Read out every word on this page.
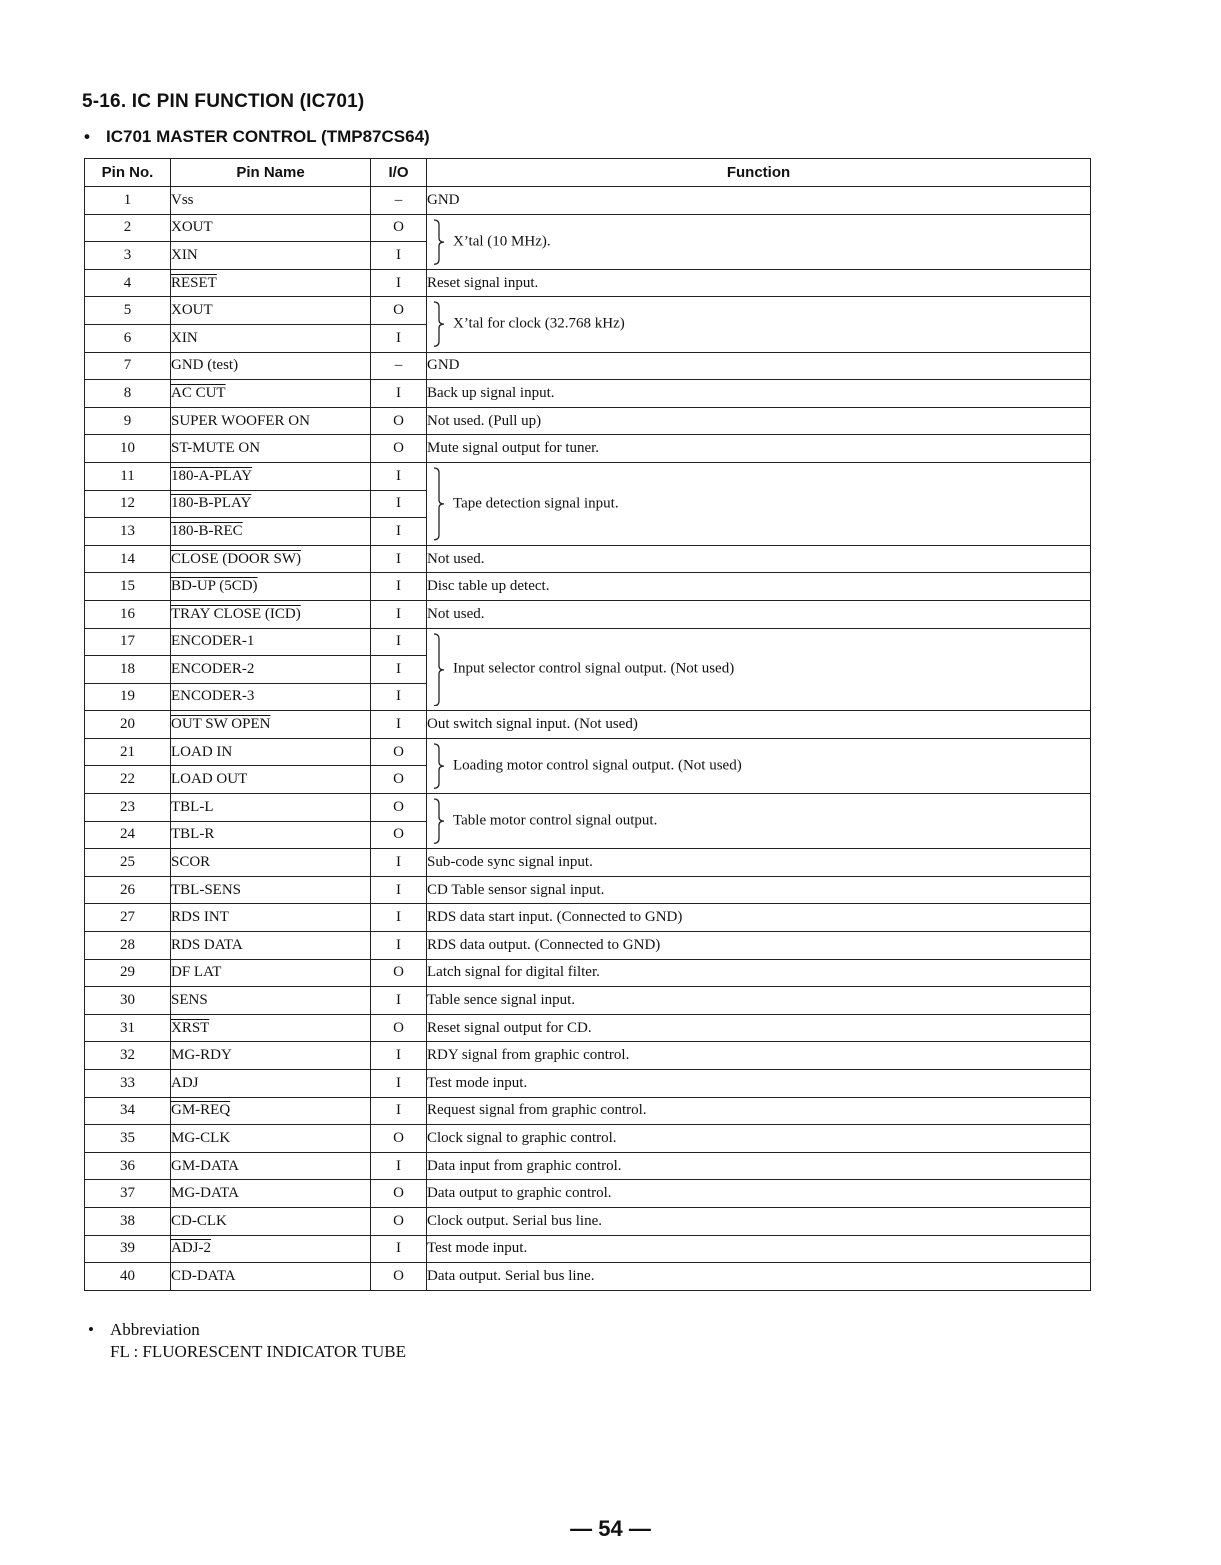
5-16. IC PIN FUNCTION (IC701)
• IC701 MASTER CONTROL (TMP87CS64)
Pin No.	Pin Name	I/O	Function
1	Vss	–	GND
2	XOUT	O	X’tal (10 MHz).

3	XIN	I	
4	RESET	I	Reset signal input.
5	XOUT	O	X’tal for clock (32.768 kHz)

6	XIN	I	
7	GND (test)	–	GND
8	AC CUT	I	Back up signal input.
9	SUPER WOOFER ON	O	Not used. (Pull up)
10	ST-MUTE ON	O	Mute signal output for tuner.
11	180-A-PLAY	I	Tape detection signal input.

12	180-B-PLAY	I	
13	180-B-REC	I	
14	CLOSE (DOOR SW)	I	Not used.
15	BD-UP (5CD)	I	Disc table up detect.
16	TRAY CLOSE (ICD)	I	Not used.
17	ENCODER-1	I	Input selector control signal output. (Not used)

18	ENCODER-2	I	
19	ENCODER-3	I	
20	OUT SW OPEN	I	Out switch signal input. (Not used)
21	LOAD IN	O	Loading motor control signal output. (Not used)

22	LOAD OUT	O	
23	TBL-L	O	Table motor control signal output.

24	TBL-R	O	
25	SCOR	I	Sub-code sync signal input.
26	TBL-SENS	I	CD Table sensor signal input.
27	RDS INT	I	RDS data start input. (Connected to GND)
28	RDS DATA	I	RDS data output. (Connected to GND)
29	DF LAT	O	Latch signal for digital filter.
30	SENS	I	Table sence signal input.
31	XRST	O	Reset signal output for CD.
32	MG-RDY	I	RDY signal from graphic control.
33	ADJ	I	Test mode input.
34	GM-REQ	I	Request signal from graphic control.
35	MG-CLK	O	Clock signal to graphic control.
36	GM-DATA	I	Data input from graphic control.
37	MG-DATA	O	Data output to graphic control.
38	CD-CLK	O	Clock output. Serial bus line.
39	ADJ-2	I	Test mode input.
40	CD-DATA	O	Data output. Serial bus line.
• Abbreviation
FL : FLUORESCENT INDICATOR TUBE
— 54 —
